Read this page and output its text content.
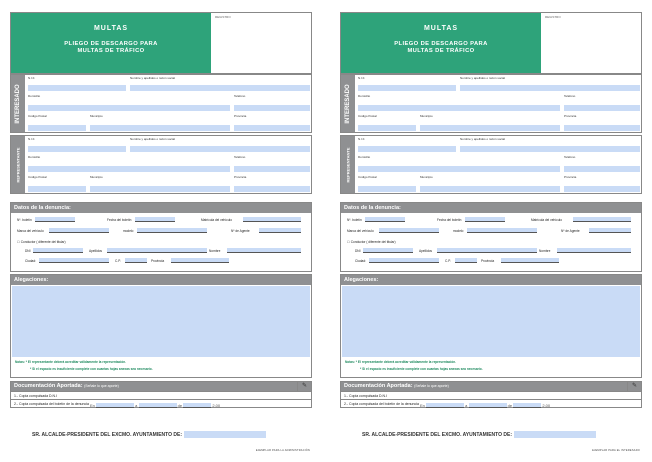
MULTAS
PLIEGO DE DESCARGO PARA
MULTAS DE TRÁFICO
REGISTRO
INTERESADO
N.I.F.	Nombre y apellidos o razón social
Domicilio	Teléfono
Código Postal	Municipio	Provincia
REPRESENTANTE
N.I.F.	Nombre y apellidos o razón social
Domicilio	Teléfono
Código Postal	Municipio	Provincia
Datos de la denuncia:
Nº. boletín	Fecha del boletín	Matrícula del vehículo
Marca del vehículo	modelo	Nº de Agente
☐ Conductor ( diferente del titular)
DNI	Apellidos	Nombre
Ciudad:	C.P.	Provincia
Alegaciones:
Notas: * El representante deberá acreditar válidamente la representación.
* Si el espacio es insuficiente complete con cuantas hojas anexas sea necesario.
Documentación Aportada: (Señale lo que aporte)	✎
1.- Copia compulsada D.N.I
2.- Copia compulsada del boletín de la denuncia En	a	de	2.00
SR. ALCALDE-PRESIDENTE DEL EXCMO. AYUNTAMIENTO DE:
EJEMPLAR PARA LA ADMINISTRACIÓN
MULTAS
PLIEGO DE DESCARGO PARA
MULTAS DE TRÁFICO
REGISTRO
INTERESADO
N.I.F.	Nombre y apellidos o razón social
Domicilio	Teléfono
Código Postal	Municipio	Provincia
REPRESENTANTE
N.I.F.	Nombre y apellidos o razón social
Domicilio	Teléfono
Código Postal	Municipio	Provincia
Datos de la denuncia:
Nº. boletín	Fecha del boletín	Matrícula del vehículo
Marca del vehículo	modelo	Nº de Agente
☐ Conductor ( diferente del titular)
DNI	Apellidos	Nombre
Ciudad:	C.P.	Provincia
Alegaciones:
Notas: * El representante deberá acreditar válidamente la representación.
* Si el espacio es insuficiente complete con cuantas hojas anexas sea necesario.
Documentación Aportada: (Señale lo que aporte)	✎
1.- Copia compulsada D.N.I
2.- Copia compulsada del boletín de la denuncia En	a	de	2.00
SR. ALCALDE-PRESIDENTE DEL EXCMO. AYUNTAMIENTO DE:
EJEMPLAR PARA EL INTERESADO
